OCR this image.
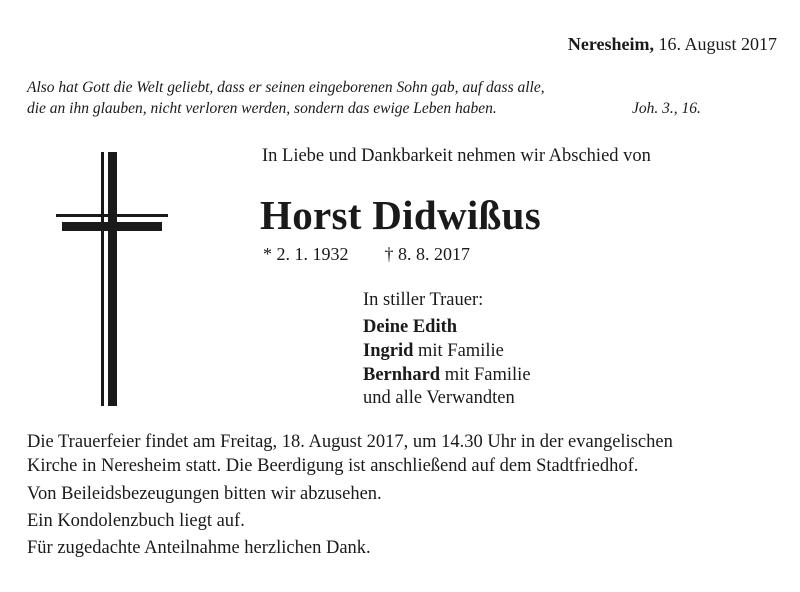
Neresheim, 16. August 2017
Also hat Gott die Welt geliebt, dass er seinen eingeborenen Sohn gab, auf dass alle,
die an ihn glauben, nicht verloren werden, sondern das ewige Leben haben.	Joh. 3., 16.
In Liebe und Dankbarkeit nehmen wir Abschied von
Horst Didwißus
* 2. 1. 1932 † 8. 8. 2017
In stiller Trauer:
Deine Edith
Ingrid mit Familie
Bernhard mit Familie
und alle Verwandten
Die Trauerfeier findet am Freitag, 18. August 2017, um 14.30 Uhr in der evangelischen
Kirche in Neresheim statt. Die Beerdigung ist anschließend auf dem Stadtfriedhof.
Von Beileidsbezeugungen bitten wir abzusehen.
Ein Kondolenzbuch liegt auf.
Für zugedachte Anteilnahme herzlichen Dank.
